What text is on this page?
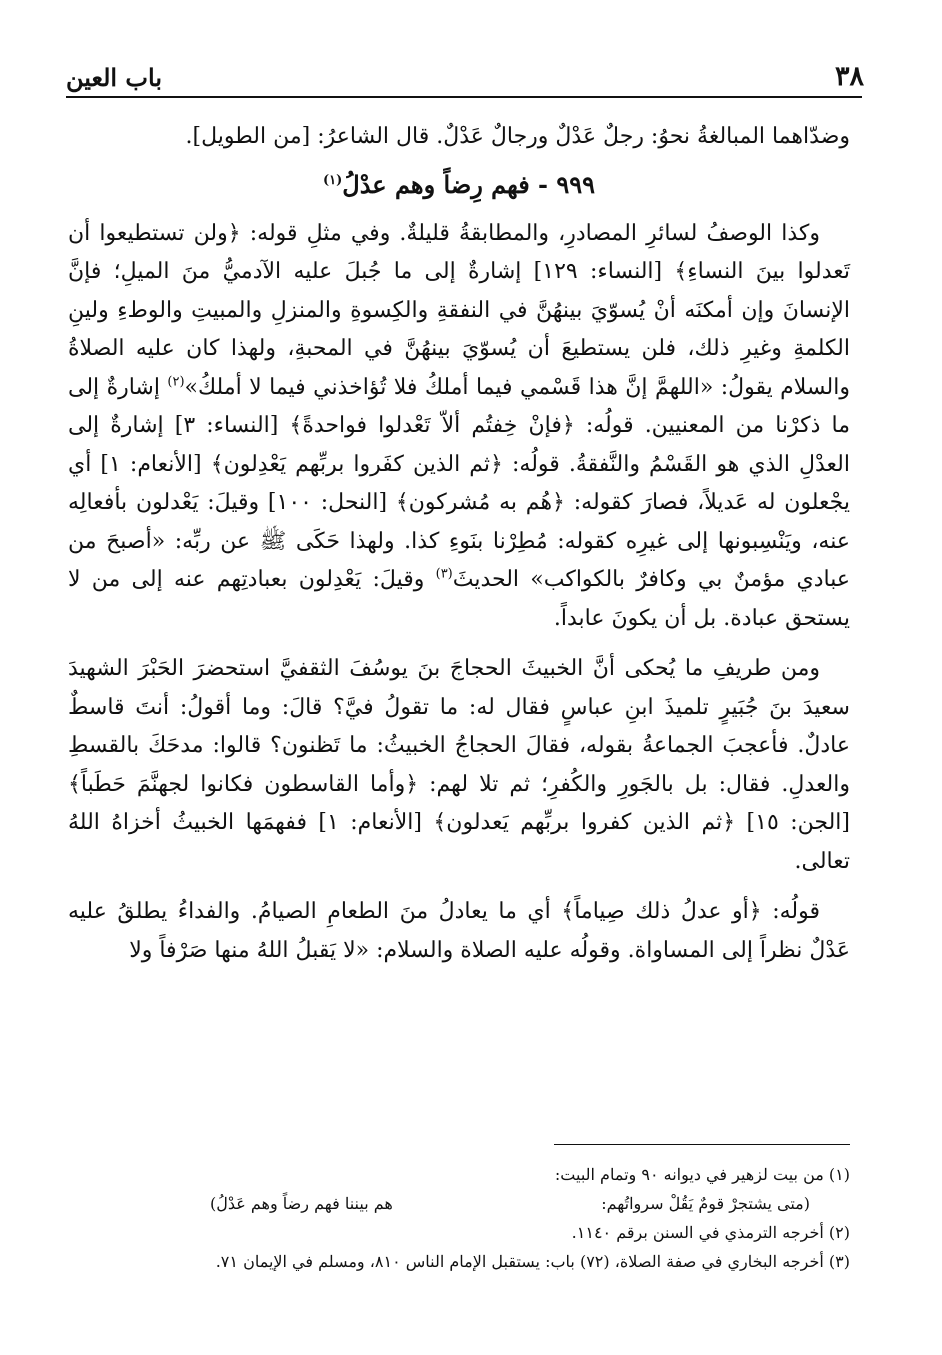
٣٨
باب العين

وضدّاهما المبالغةُ نحوُ: رجلٌ عَدْلٌ ورجالٌ عَدْلٌ. قال الشاعرُ: [من الطويل].

٩٩٩ - فهم رِضاً وهم عدْلُ$^{(١)}$

وكذا الوصفُ لسائرِ المصادرِ، والمطابقةُ قليلةٌ. وفي مثلِ قوله: ﴿ولن تستطيعوا أن تَعدلوا بينَ النساءِ﴾ [النساء: ١٢٩] إشارةٌ إلى ما جُبلَ عليه الآدميُّ منَ الميلِ؛ فإنَّ الإنسانَ وإن أمكنَه أنْ يُسوّيَ بينهُنَّ في النفقةِ والكِسوةِ والمنزلِ والمبيتِ والوطءِ ولينِ الكلمةِ وغيرِ ذلك، فلن يستطيعَ أن يُسوّيَ بينهُنَّ في المحبةِ، ولهذا كان عليه الصلاةُ والسلام يقولُ: «اللهمَّ إنَّ هذا قَسْمي فيما أملكُ فلا تُؤاخذني فيما لا أملكُ»$^{(٢)}$ إشارةٌ إلى ما ذكرْنا من المعنيين. قولُه: ﴿فإنْ خِفتُم ألاّ تَعْدلوا فواحدةً﴾ [النساء: ٣] إشارةٌ إلى العدْلِ الذي هو القَسْمُ والنَّفقةُ. قولُه: ﴿ثم الذين كفَروا بربِّهم يَعْدِلون﴾ [الأنعام: ١] أي يجْعلون له عَديلاً، فصارَ كقوله: ﴿هُم به مُشركون﴾ [النحل: ١٠٠] وقيلَ: يَعْدلون بأفعالِه عنه، ويَنْسِبونها إلى غيرِه كقوله: مُطِرْنا بنَوءِ كذا. ولهذا حَكَى ﷺ عن ربِّه: «أصبحَ من عبادي مؤمنٌ بي وكافرٌ بالكواكب» الحديثَ$^{(٣)}$ وقيلَ: يَعْدِلون بعبادتِهم عنه إلى من لا يستحق عبادة. بل أن يكونَ عابداً.

ومن طريفِ ما يُحكى أنَّ الخبيثَ الحجاجَ بنَ يوسُفَ الثقفيَّ استحضرَ الحَبْرَ الشهيدَ سعيدَ بنَ جُبَيرٍ تلميذَ ابنِ عباسٍ فقال له: ما تقولُ فيَّ؟ قالَ: وما أقولُ: أنتَ قاسطٌ عادلٌ. فأعجبَ الجماعةُ بقوله، فقالَ الحجاجُ الخبيثُ: ما تَظنون؟ قالوا: مدحَكَ بالقسطِ والعدلِ. فقال: بل بالجَورِ والكُفرِ؛ ثم تلا لهم: ﴿وأما القاسطون فكانوا لجهنَّمَ حَطَباً﴾ [الجن: ١٥] ﴿ثم الذين كفروا بربِّهم يَعدلون﴾ [الأنعام: ١] ففهمَها الخبيثُ أخزاهُ اللهُ تعالى.

قولُه: ﴿أو عدلُ ذلك صِياماً﴾ أي ما يعادلُ منَ الطعامِ الصيامُ. والفداءُ يطلقُ عليه عَدْلٌ نظراً إلى المساواة. وقولُه عليه الصلاة والسلام: «لا يَقبلُ اللهُ منها صَرْفاً ولا

(١) من بيت لزهير في ديوانه ٩٠ وتمام البيت:

(متى يشتجرْ قومٌ يَقُلْ سرواتُهم:
هم بيننا فهم رضاً وهم عَدْلُ)

(٢) أخرجه الترمذي في السنن برقم ١١٤٠.

(٣) أخرجه البخاري في صفة الصلاة، (٧٢) باب: يستقبل الإمام الناس ٨١٠، ومسلم في الإيمان ٧١.
